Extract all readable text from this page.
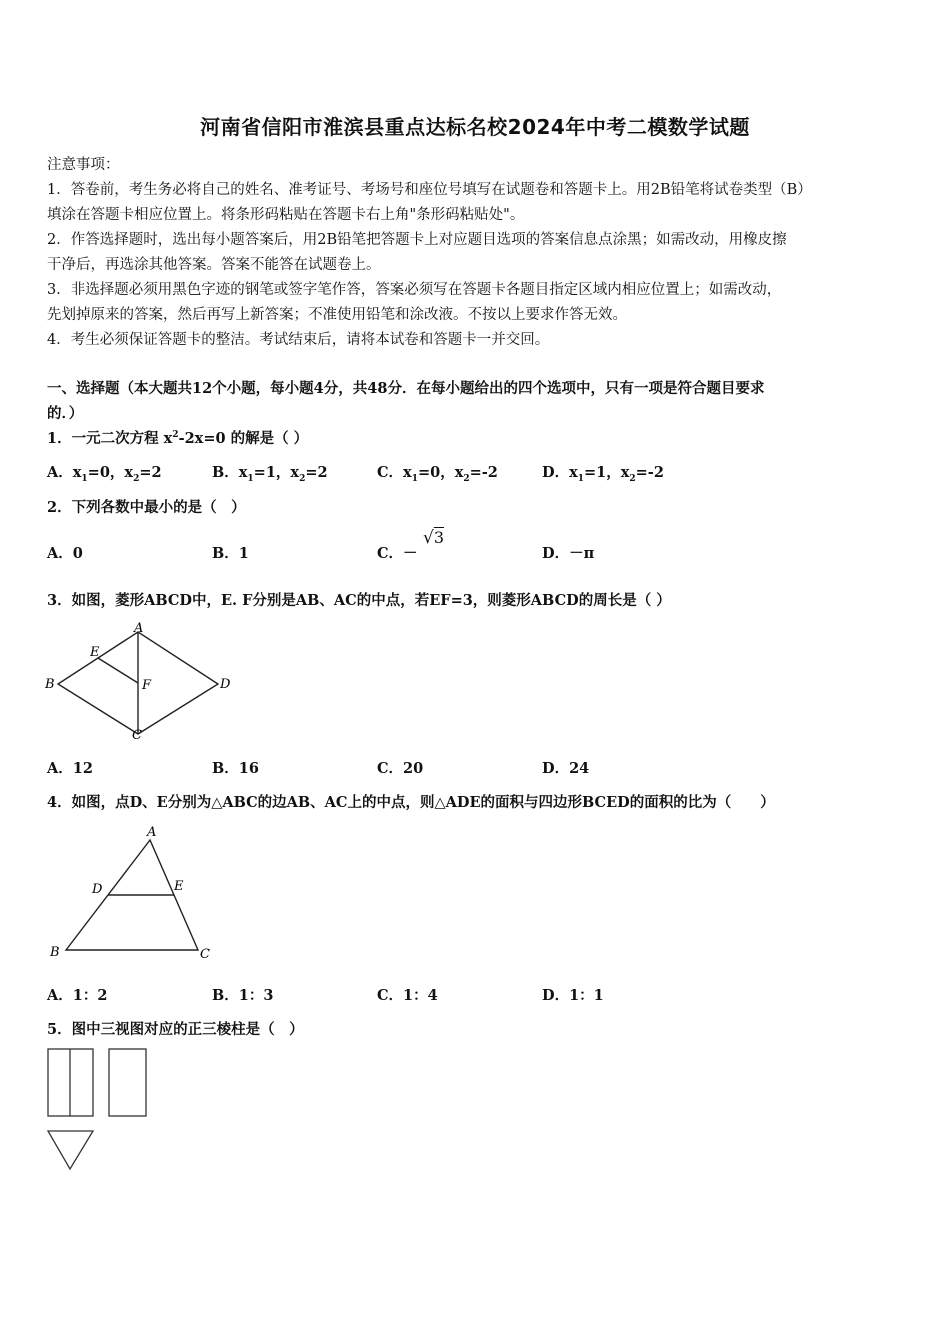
河南省信阳市淮滨县重点达标名校2024年中考二模数学试题
注意事项：
1．答卷前，考生务必将自己的姓名、准考证号、考场号和座位号填写在试题卷和答题卡上。用2B铅笔将试卷类型（B）
填涂在答题卡相应位置上。将条形码粘贴在答题卡右上角"条形码粘贴处"。
2．作答选择题时，选出每小题答案后，用2B铅笔把答题卡上对应题目选项的答案信息点涂黑；如需改动，用橡皮擦
干净后，再选涂其他答案。答案不能答在试题卷上。
3．非选择题必须用黑色字迹的钢笔或签字笔作答，答案必须写在答题卡各题目指定区域内相应位置上；如需改动，
先划掉原来的答案，然后再写上新答案；不准使用铅笔和涂改液。不按以上要求作答无效。
4．考生必须保证答题卡的整洁。考试结束后，请将本试卷和答题卡一并交回。
一、选择题（本大题共12个小题，每小题4分，共48分．在每小题给出的四个选项中，只有一项是符合题目要求
的．）
1．一元二次方程 $x^2-2x=0$ 的解是（ ）
A．$x_1=0$，$x_2=2$	B．$x_1=1$，$x_2=2$	C．$x_1=0$，$x_2=-2$	D．$x_1=1$，$x_2=-2$
2．下列各数中最小的是（　）
A．0	B．1	C．－
√3
D．－π
3．如图，菱形ABCD中，E. F分别是AB、AC的中点，若EF=3，则菱形ABCD的周长是（ ）
A
B
C
D
E
F
A．12	B．16	C．20	D．24
4．如图，点D、E分别为△ABC的边AB、AC上的中点，则△ADE的面积与四边形BCED的面积的比为（　　）
A
B	C
D	E
A．1：2	B．1：3	C．1：4	D．1：1
5．图中三视图对应的正三棱柱是（　）
